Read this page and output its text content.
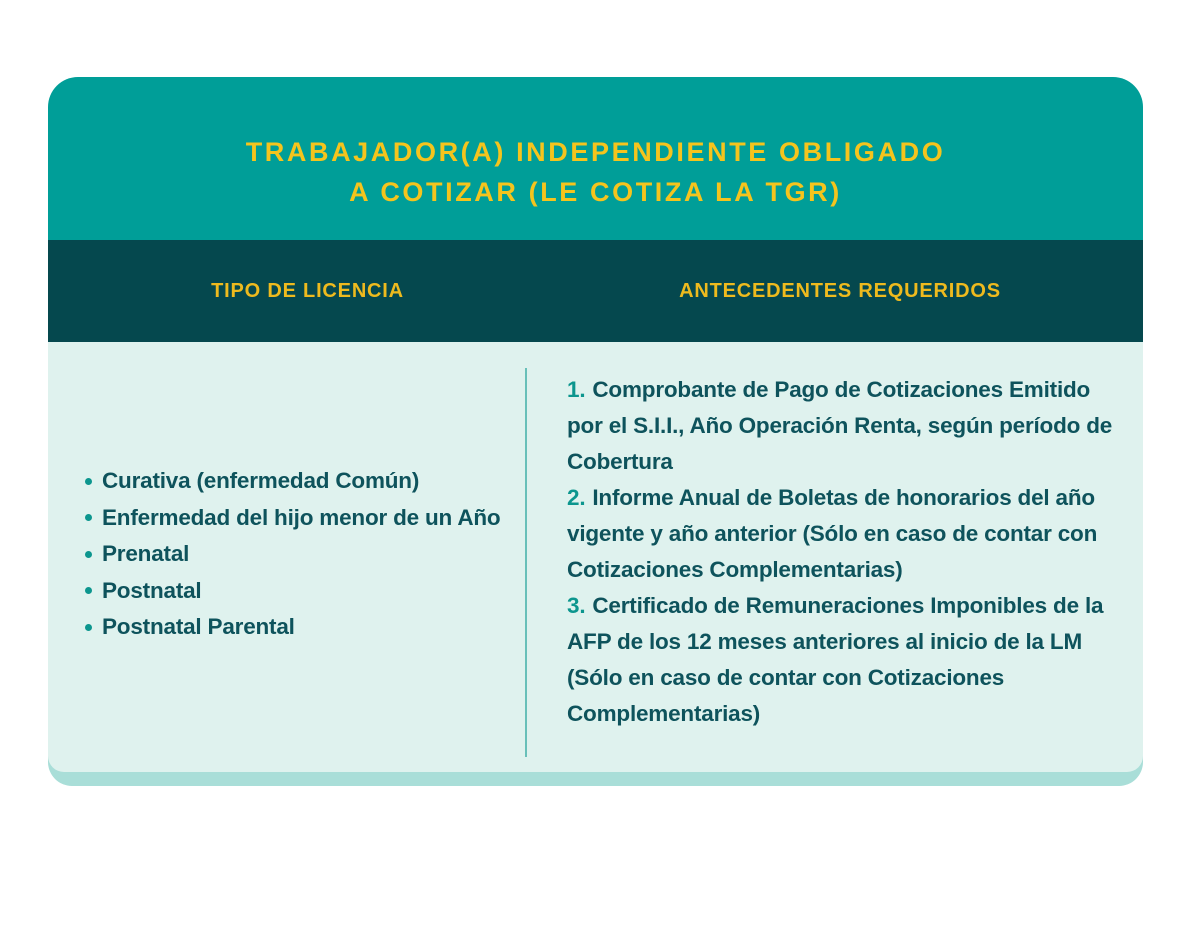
TRABAJADOR(A) INDEPENDIENTE OBLIGADO
A COTIZAR (LE COTIZA LA TGR)
TIPO DE LICENCIA	ANTECEDENTES REQUERIDOS
Curativa (enfermedad Común)
Enfermedad del hijo menor de un Año
Prenatal
Postnatal
Postnatal Parental

1. Comprobante de Pago de Cotizaciones Emitido por el S.I.I., Año Operación Renta, según período de Cobertura

2. Informe Anual de Boletas de honorarios del año vigente y año anterior (Sólo en caso de contar con Cotizaciones Complementarias)

3. Certificado de Remuneraciones Imponibles de la AFP de los 12 meses anteriores al inicio de la LM (Sólo en caso de contar con Cotizaciones Complementarias)
